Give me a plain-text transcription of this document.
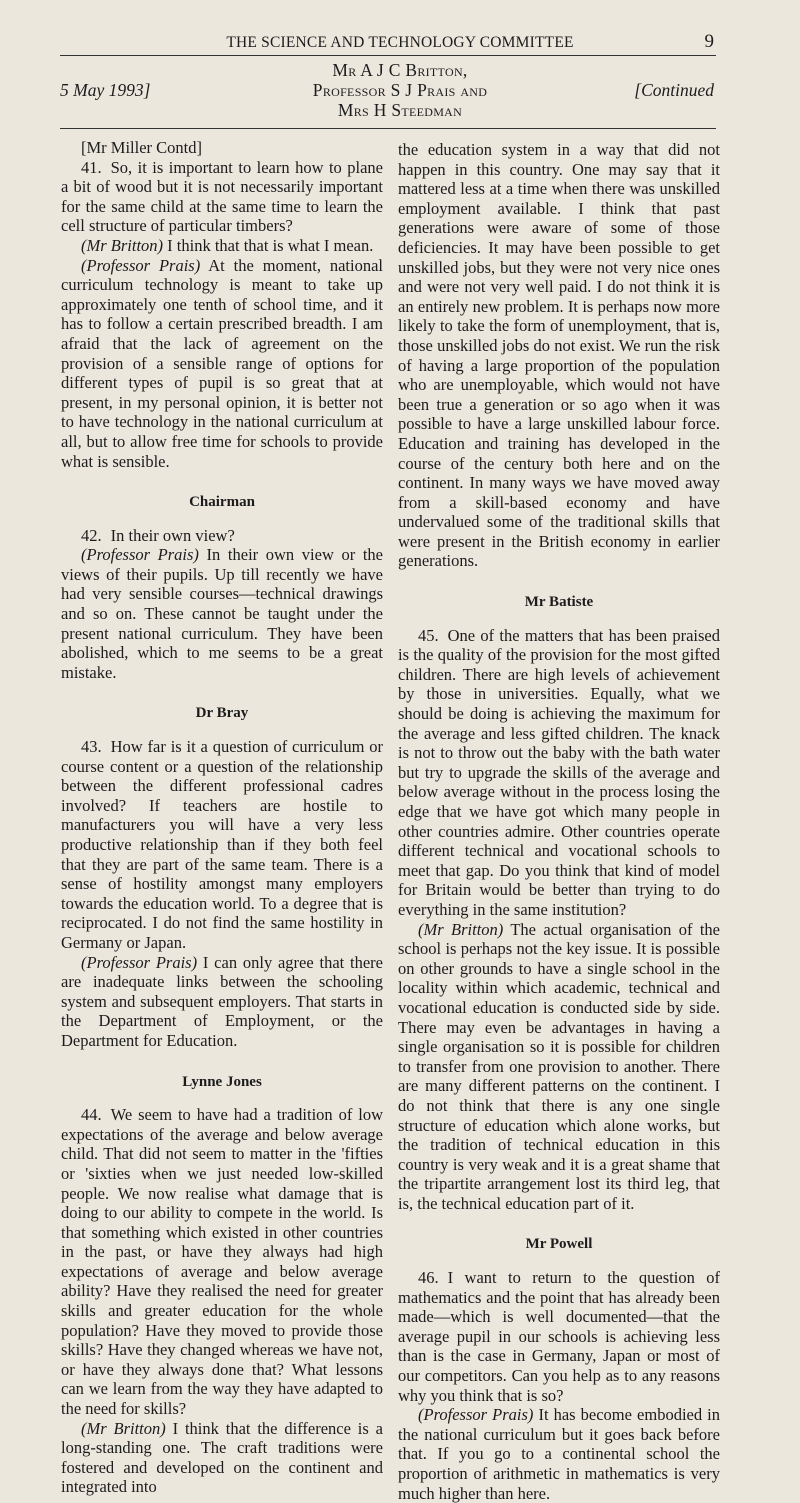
THE SCIENCE AND TECHNOLOGY COMMITTEE	9
Mr A J C Britton,
Professor S J Prais and
Mrs H Steedman
5 May 1993]	[Continued

[Mr Miller Contd]

41. So, it is important to learn how to plane a bit of wood but it is not necessarily important for the same child at the same time to learn the cell structure of particular timbers?

(Mr Britton) I think that that is what I mean.

(Professor Prais) At the moment, national curriculum technology is meant to take up approximately one tenth of school time, and it has to follow a certain prescribed breadth. I am afraid that the lack of agreement on the provision of a sensible range of options for different types of pupil is so great that at present, in my personal opinion, it is better not to have technology in the national curriculum at all, but to allow free time for schools to provide what is sensible.

Chairman

42. In their own view?

(Professor Prais) In their own view or the views of their pupils. Up till recently we have had very sensible courses—technical drawings and so on. These cannot be taught under the present national curriculum. They have been abolished, which to me seems to be a great mistake.

Dr Bray

43. How far is it a question of curriculum or course content or a question of the relationship between the different professional cadres involved? If teachers are hostile to manufacturers you will have a very less productive relationship than if they both feel that they are part of the same team. There is a sense of hostility amongst many employers towards the education world. To a degree that is reciprocated. I do not find the same hostility in Germany or Japan.

(Professor Prais) I can only agree that there are inadequate links between the schooling system and subsequent employers. That starts in the Department of Employment, or the Department for Education.

Lynne Jones

44. We seem to have had a tradition of low expectations of the average and below average child. That did not seem to matter in the 'fifties or 'sixties when we just needed low-skilled people. We now realise what damage that is doing to our ability to compete in the world. Is that something which existed in other countries in the past, or have they always had high expectations of average and below average ability? Have they realised the need for greater skills and greater education for the whole population? Have they moved to provide those skills? Have they changed whereas we have not, or have they always done that? What lessons can we learn from the way they have adapted to the need for skills?

(Mr Britton) I think that the difference is a long-standing one. The craft traditions were fostered and developed on the continent and integrated into

the education system in a way that did not happen in this country. One may say that it mattered less at a time when there was unskilled employment available. I think that past generations were aware of some of those deficiencies. It may have been possible to get unskilled jobs, but they were not very nice ones and were not very well paid. I do not think it is an entirely new problem. It is perhaps now more likely to take the form of unemployment, that is, those unskilled jobs do not exist. We run the risk of having a large proportion of the population who are unemployable, which would not have been true a generation or so ago when it was possible to have a large unskilled labour force. Education and training has developed in the course of the century both here and on the continent. In many ways we have moved away from a skill-based economy and have undervalued some of the traditional skills that were present in the British economy in earlier generations.

Mr Batiste

45. One of the matters that has been praised is the quality of the provision for the most gifted children. There are high levels of achievement by those in universities. Equally, what we should be doing is achieving the maximum for the average and less gifted children. The knack is not to throw out the baby with the bath water but try to upgrade the skills of the average and below average without in the process losing the edge that we have got which many people in other countries admire. Other countries operate different technical and vocational schools to meet that gap. Do you think that kind of model for Britain would be better than trying to do everything in the same institution?

(Mr Britton) The actual organisation of the school is perhaps not the key issue. It is possible on other grounds to have a single school in the locality within which academic, technical and vocational education is conducted side by side. There may even be advantages in having a single organisation so it is possible for children to transfer from one provision to another. There are many different patterns on the continent. I do not think that there is any one single structure of education which alone works, but the tradition of technical education in this country is very weak and it is a great shame that the tripartite arrangement lost its third leg, that is, the technical education part of it.

Mr Powell

46. I want to return to the question of mathematics and the point that has already been made—which is well documented—that the average pupil in our schools is achieving less than is the case in Germany, Japan or most of our competitors. Can you help as to any reasons why you think that is so?

(Professor Prais) It has become embodied in the national curriculum but it goes back before that. If you go to a continental school the proportion of arithmetic in mathematics is very much higher than here.
